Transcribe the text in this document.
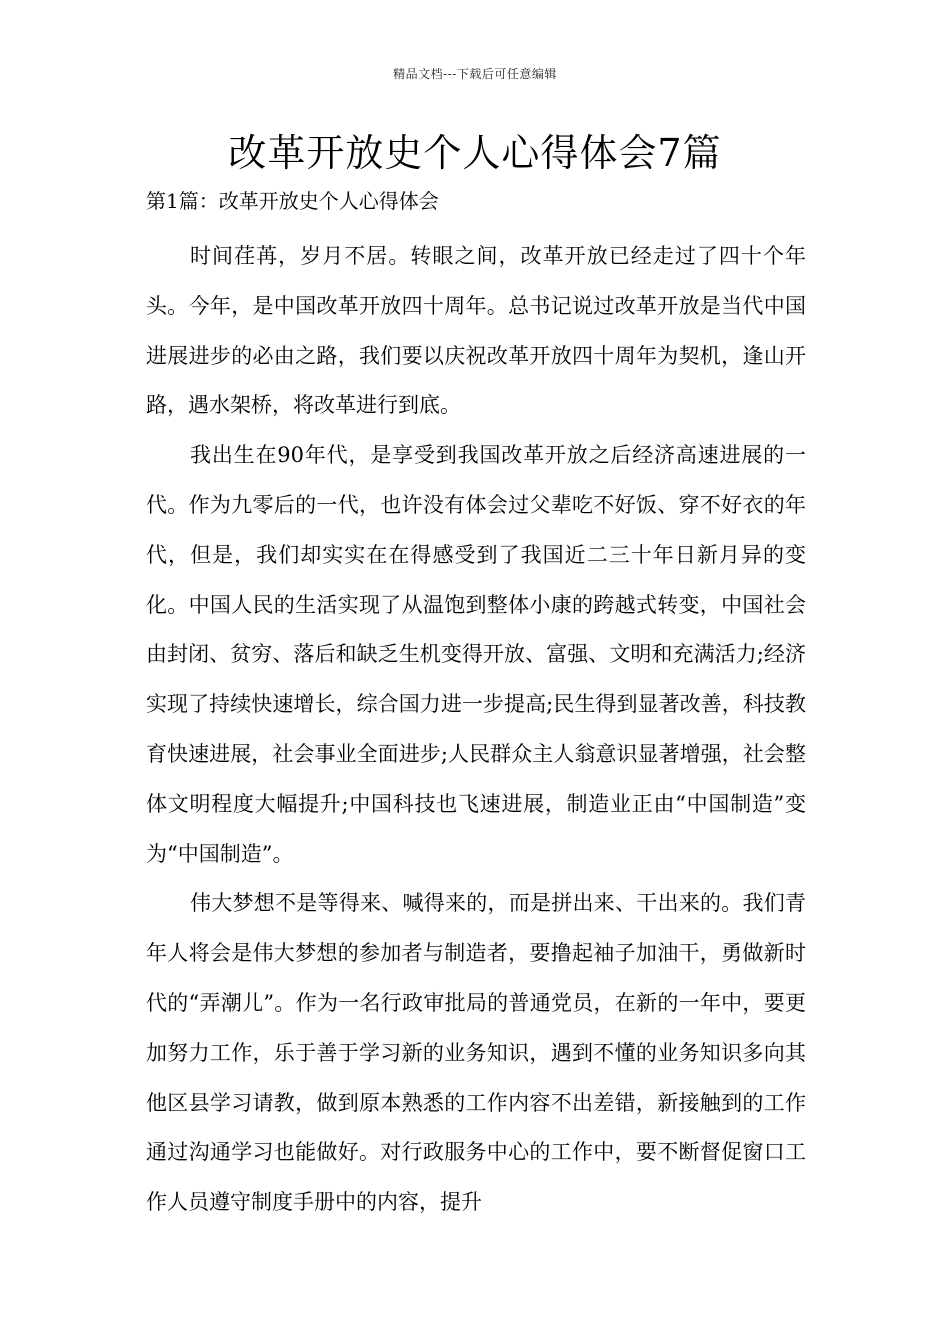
精品文档---下载后可任意编辑
改革开放史个人心得体会7篇
第1篇：改革开放史个人心得体会

时间荏苒，岁月不居。转眼之间，改革开放已经走过了四十个年头。今年，是中国改革开放四十周年。总书记说过改革开放是当代中国进展进步的必由之路，我们要以庆祝改革开放四十周年为契机，逢山开路，遇水架桥，将改革进行到底。

我出生在90年代，是享受到我国改革开放之后经济高速进展的一代。作为九零后的一代，也许没有体会过父辈吃不好饭、穿不好衣的年代，但是，我们却实实在在得感受到了我国近二三十年日新月异的变化。中国人民的生活实现了从温饱到整体小康的跨越式转变，中国社会由封闭、贫穷、落后和缺乏生机变得开放、富强、文明和充满活力;经济实现了持续快速增长，综合国力进一步提高;民生得到显著改善，科技教育快速进展，社会事业全面进步;人民群众主人翁意识显著增强，社会整体文明程度大幅提升;中国科技也飞速进展，制造业正由“中国制造”变为“中国制造”。

伟大梦想不是等得来、喊得来的，而是拼出来、干出来的。我们青年人将会是伟大梦想的参加者与制造者，要撸起袖子加油干，勇做新时代的“弄潮儿”。作为一名行政审批局的普通党员，在新的一年中，要更加努力工作，乐于善于学习新的业务知识，遇到不懂的业务知识多向其他区县学习请教，做到原本熟悉的工作内容不出差错，新接触到的工作通过沟通学习也能做好。对行政服务中心的工作中，要不断督促窗口工作人员遵守制度手册中的内容，提升
